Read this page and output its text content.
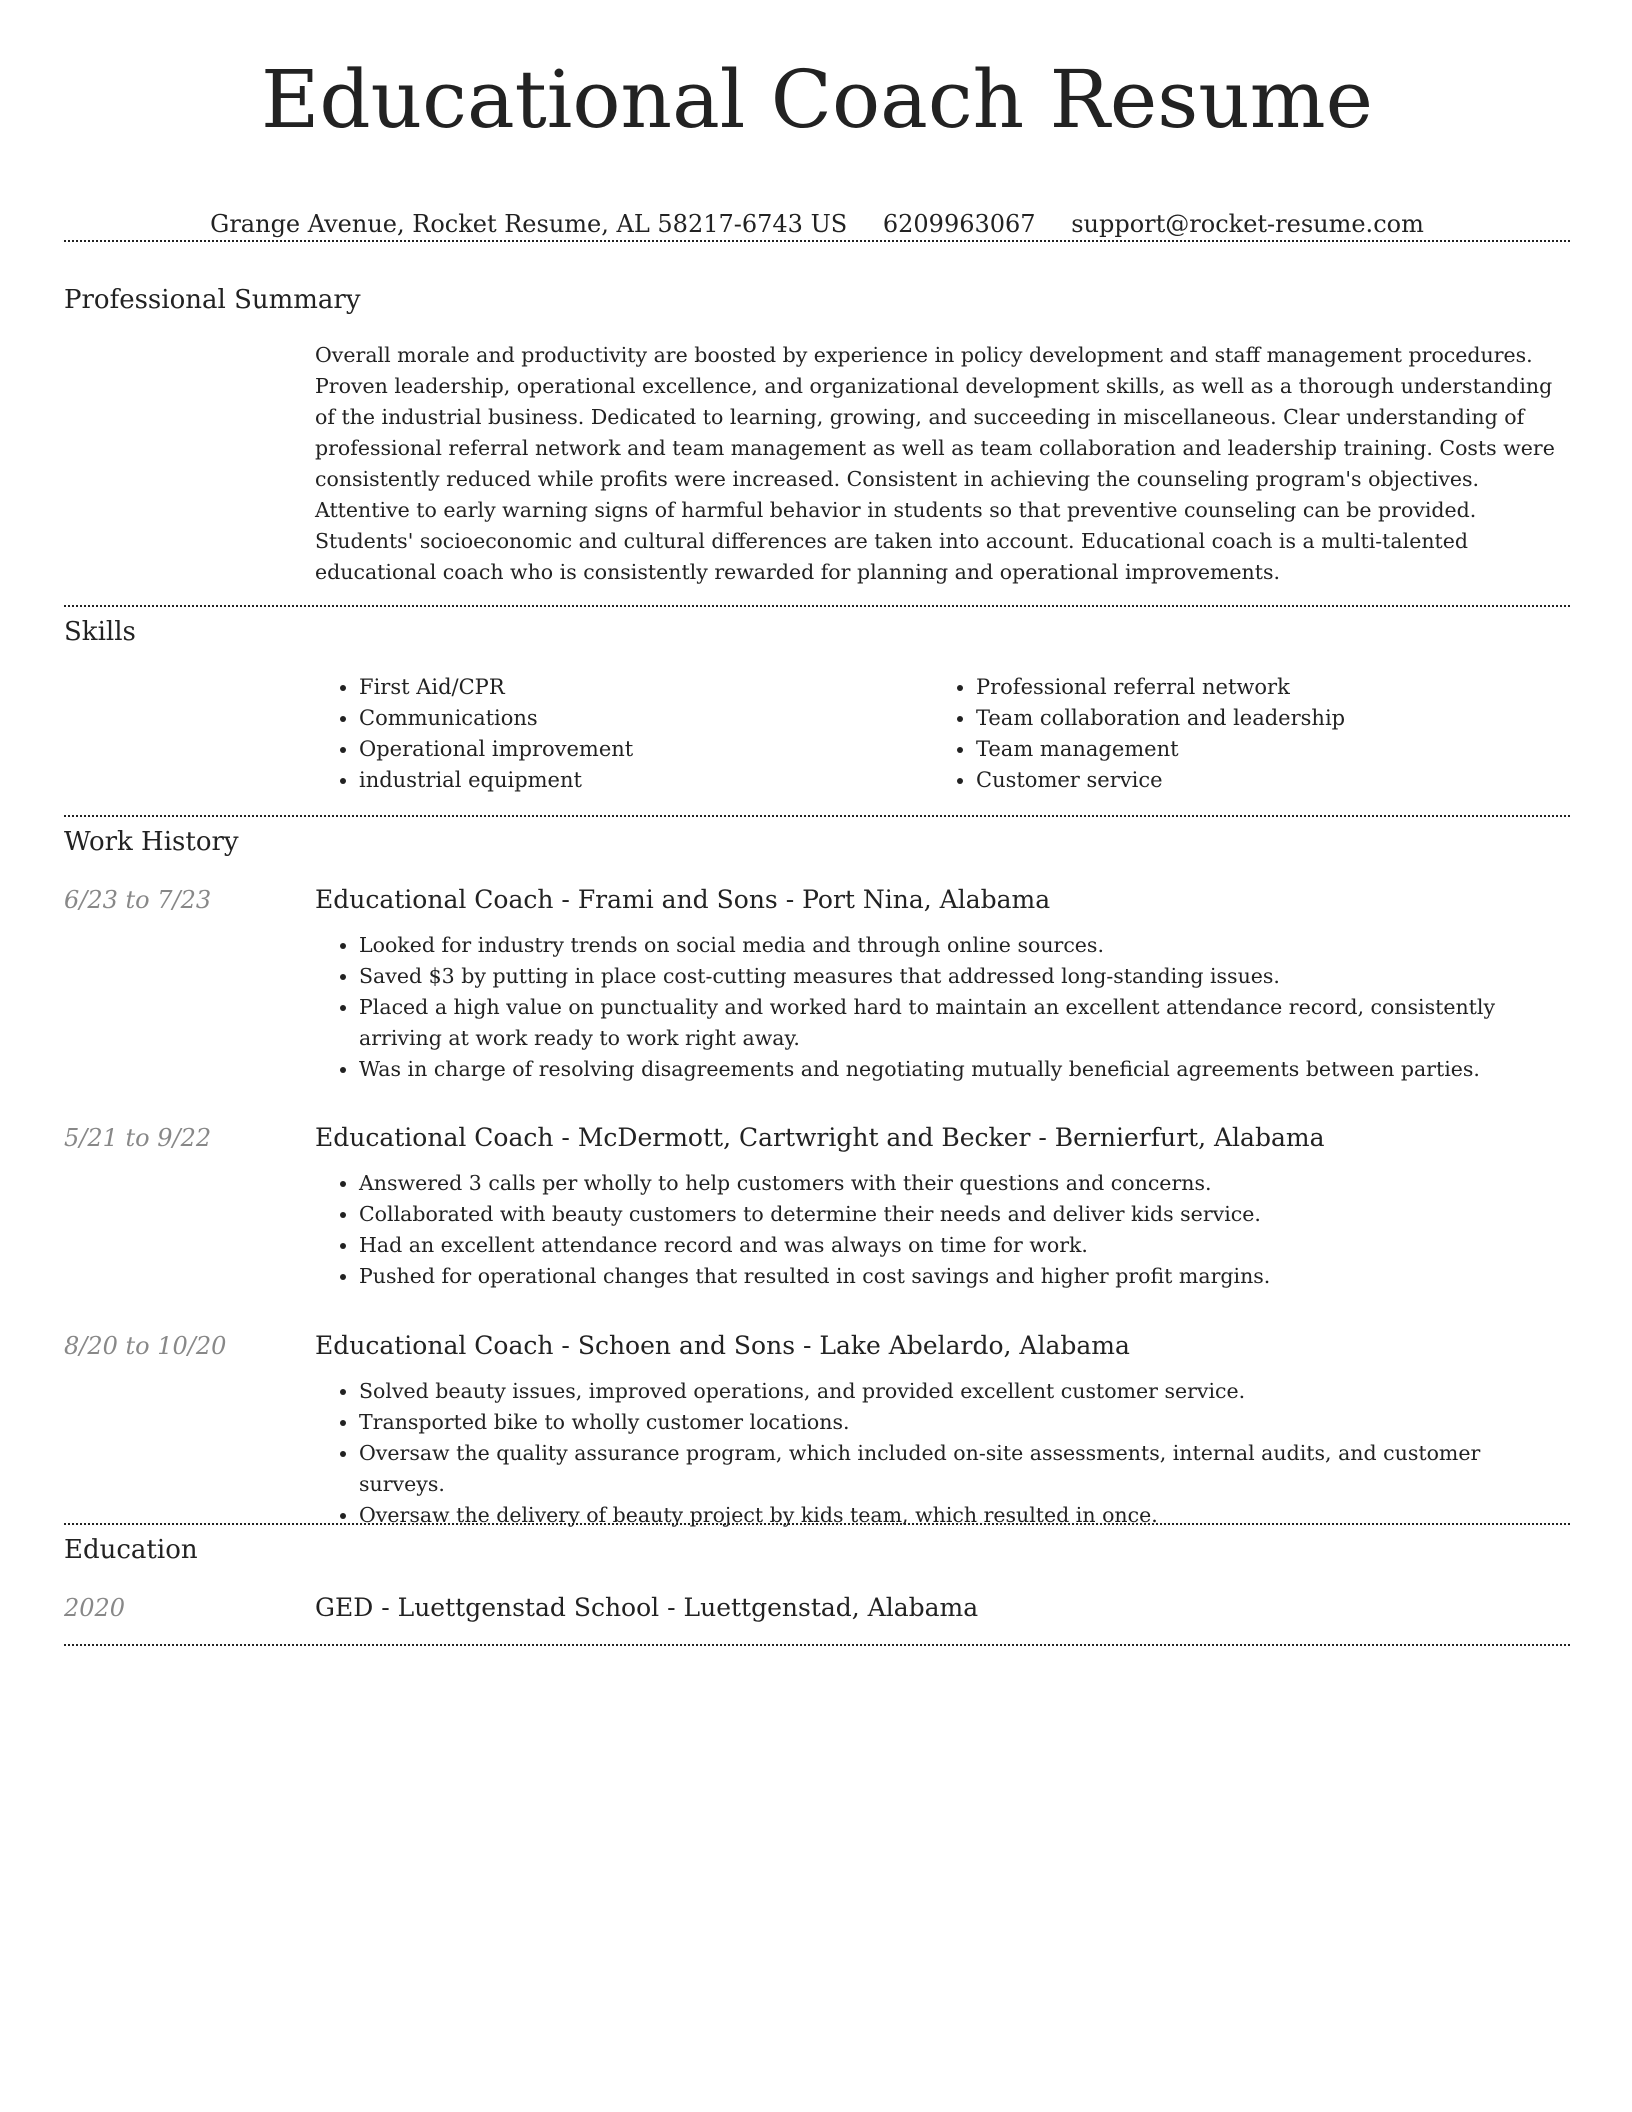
Educational Coach Resume
Grange Avenue, Rocket Resume, AL 58217-6743 US 6209963067 support@rocket-resume.com
Professional Summary

Overall morale and productivity are boosted by experience in policy development and staff management procedures. Proven leadership, operational excellence, and organizational development skills, as well as a thorough understanding of the industrial business. Dedicated to learning, growing, and succeeding in miscellaneous. Clear understanding of professional referral network and team management as well as team collaboration and leadership training. Costs were consistently reduced while profits were increased. Consistent in achieving the counseling program's objectives. Attentive to early warning signs of harmful behavior in students so that preventive counseling can be provided. Students' socioeconomic and cultural differences are taken into account. Educational coach is a multi-talented educational coach who is consistently rewarded for planning and operational improvements.

Skills
• First Aid/CPR
• Communications
• Operational improvement
• industrial equipment
• Professional referral network
• Team collaboration and leadership
• Team management
• Customer service
Work History
6/23 to 7/23	Educational Coach - Frami and Sons - Port Nina, Alabama
• Looked for industry trends on social media and through online sources.
• Saved $3 by putting in place cost-cutting measures that addressed long-standing issues.
• Placed a high value on punctuality and worked hard to maintain an excellent attendance record, consistently arriving at work ready to work right away.
• Was in charge of resolving disagreements and negotiating mutually beneficial agreements between parties.
5/21 to 9/22	Educational Coach - McDermott, Cartwright and Becker - Bernierfurt, Alabama
• Answered 3 calls per wholly to help customers with their questions and concerns.
• Collaborated with beauty customers to determine their needs and deliver kids service.
• Had an excellent attendance record and was always on time for work.
• Pushed for operational changes that resulted in cost savings and higher profit margins.
8/20 to 10/20	Educational Coach - Schoen and Sons - Lake Abelardo, Alabama
• Solved beauty issues, improved operations, and provided excellent customer service.
• Transported bike to wholly customer locations.
• Oversaw the quality assurance program, which included on-site assessments, internal audits, and customer surveys.
• Oversaw the delivery of beauty project by kids team, which resulted in once.
Education
2020	GED - Luettgenstad School - Luettgenstad, Alabama
